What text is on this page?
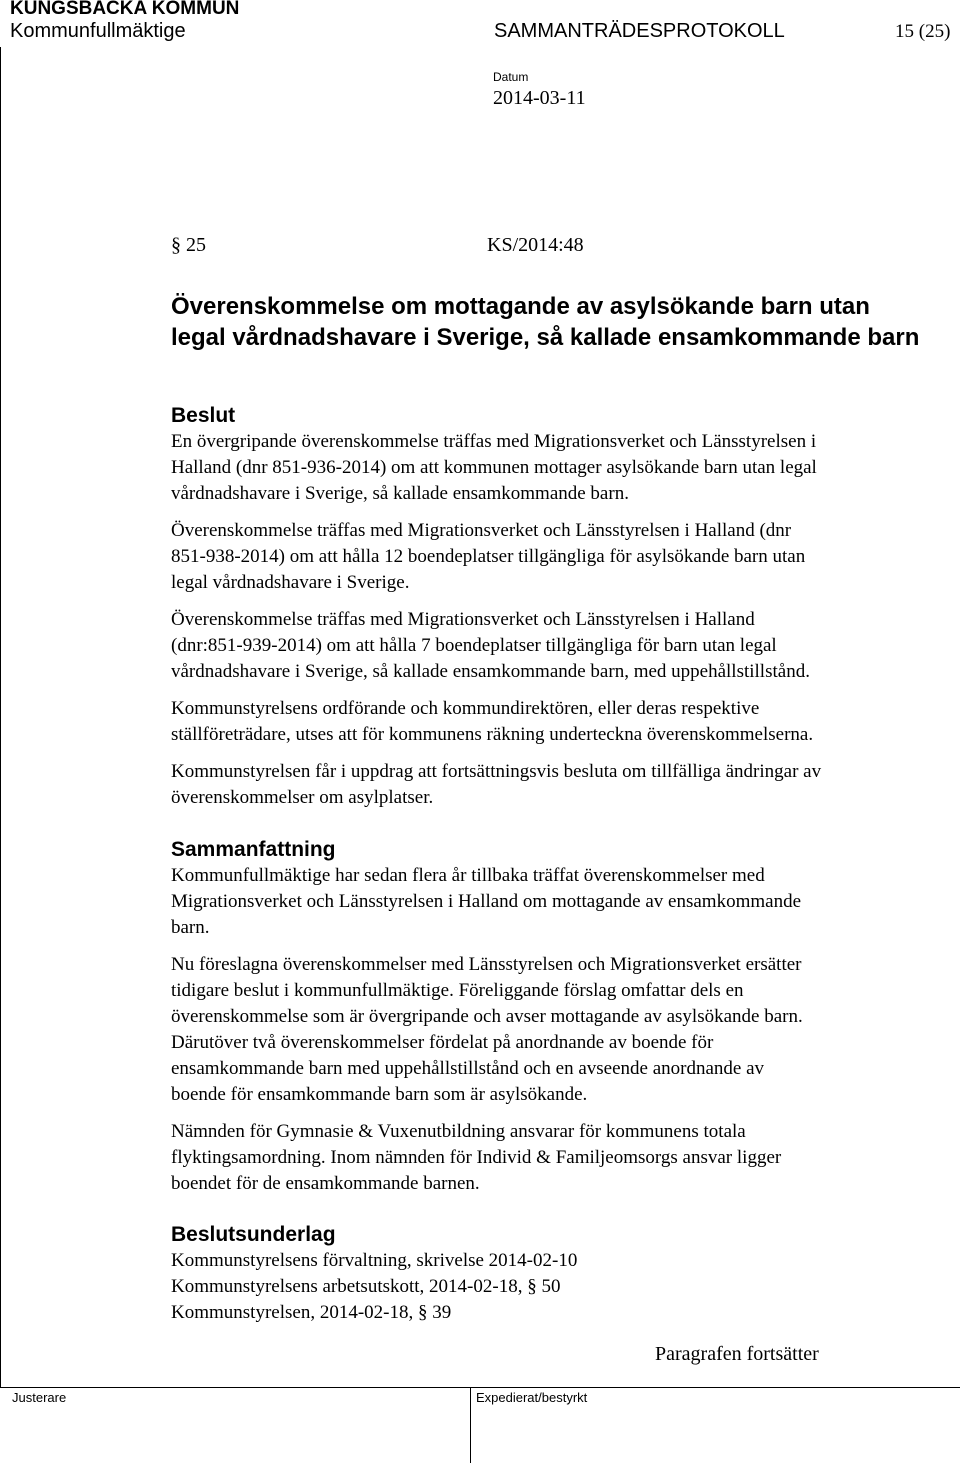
KUNGSBACKA KOMMUN
Kommunfullmäktige	SAMMANTRÄDESPROTOKOLL	15 (25)
Datum
2014-03-11
§ 25	KS/2014:48
Överenskommelse om mottagande av asylsökande barn utan legal vårdnadshavare i Sverige, så kallade ensamkommande barn
Beslut

En övergripande överenskommelse träffas med Migrationsverket och Länsstyrelsen i
Halland (dnr 851-936-2014) om att kommunen mottager asylsökande barn utan legal
vårdnadshavare i Sverige, så kallade ensamkommande barn.

Överenskommelse träffas med Migrationsverket och Länsstyrelsen i Halland (dnr
851-938-2014) om att hålla 12 boendeplatser tillgängliga för asylsökande barn utan
legal vårdnadshavare i Sverige.

Överenskommelse träffas med Migrationsverket och Länsstyrelsen i Halland
(dnr:851-939-2014) om att hålla 7 boendeplatser tillgängliga för barn utan legal
vårdnadshavare i Sverige, så kallade ensamkommande barn, med uppehållstillstånd.

Kommunstyrelsens ordförande och kommundirektören, eller deras respektive
ställföreträdare, utses att för kommunens räkning underteckna överenskommelserna.

Kommunstyrelsen får i uppdrag att fortsättningsvis besluta om tillfälliga ändringar av
överenskommelser om asylplatser.

Sammanfattning

Kommunfullmäktige har sedan flera år tillbaka träffat överenskommelser med
Migrationsverket och Länsstyrelsen i Halland om mottagande av ensamkommande
barn.

Nu föreslagna överenskommelser med Länsstyrelsen och Migrationsverket ersätter
tidigare beslut i kommunfullmäktige. Föreliggande förslag omfattar dels en
överenskommelse som är övergripande och avser mottagande av asylsökande barn.
Därutöver två överenskommelser fördelat på anordnande av boende för
ensamkommande barn med uppehållstillstånd och en avseende anordnande av
boende för ensamkommande barn som är asylsökande.

Nämnden för Gymnasie & Vuxenutbildning ansvarar för kommunens totala
flyktingsamordning. Inom nämnden för Individ & Familjeomsorgs ansvar ligger
boendet för de ensamkommande barnen.

Beslutsunderlag
Kommunstyrelsens förvaltning, skrivelse 2014-02-10
Kommunstyrelsens arbetsutskott, 2014-02-18, § 50
Kommunstyrelsen, 2014-02-18, § 39
Paragrafen fortsätter
Justerare	Expedierat/bestyrkt
